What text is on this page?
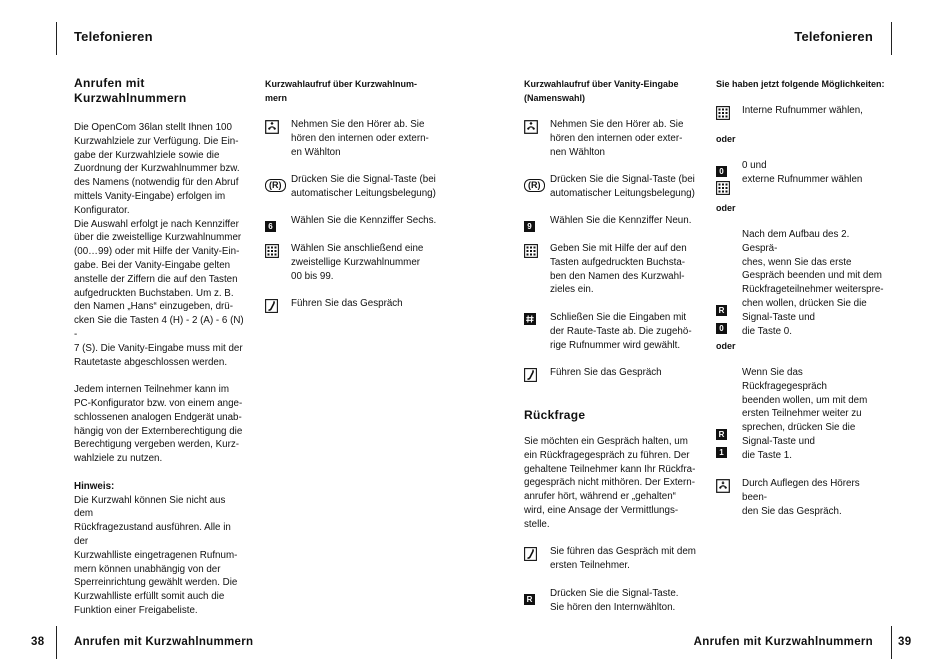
Telefonieren	Telefonieren
Anrufen mit
Kurzwahlnummern

Die OpenCom 36lan stellt Ihnen 100
Kurzwahlziele zur Verfügung. Die Ein-
gabe der Kurzwahlziele sowie die
Zuordnung der Kurzwahlnummer bzw.
des Namens (notwendig für den Abruf
mittels Vanity-Eingabe) erfolgen im
Konfigurator.
Die Auswahl erfolgt je nach Kennziffer
über die zweistellige Kurzwahlnummer
(00…99) oder mit Hilfe der Vanity-Ein-
gabe. Bei der Vanity-Eingabe gelten
anstelle der Ziffern die auf den Tasten
aufgedruckten Buchstaben. Um z. B.
den Namen „Hans“ einzugeben, drü-
cken Sie die Tasten 4 (H) - 2 (A) - 6 (N) -
7 (S). Die Vanity-Eingabe muss mit der
Rautetaste abgeschlossen werden.

Jedem internen Teilnehmer kann im
PC-Konfigurator bzw. von einem ange-
schlossenen analogen Endgerät unab-
hängig von der Externberechtigung die
Berechtigung vergeben werden, Kurz-
wahlziele zu nutzen.

Hinweis:

Die Kurzwahl können Sie nicht aus dem
Rückfragezustand ausführen. Alle in der
Kurzwahlliste eingetragenen Rufnum-
mern können unabhängig von der
Sperreinrichtung gewählt werden. Die
Kurzwahlliste erfüllt somit auch die
Funktion einer Freigabeliste.

Kurzwahlaufruf über Kurzwahlnum-
mern
Nehmen Sie den Hörer ab. Sie
hören den internen oder extern-
en Wählton
(R) Drücken Sie die Signal-Taste (bei
automatischer Leitungsbelegung)
6
Wählen Sie die Kennziffer Sechs.
Wählen Sie anschließend eine
zweistellige Kurzwahlnummer
00 bis 99.
Führen Sie das Gespräch
Kurzwahlaufruf über Vanity-Eingabe
(Namenswahl)
Nehmen Sie den Hörer ab. Sie
hören den internen oder exter-
nen Wählton
(R) Drücken Sie die Signal-Taste (bei
automatischer Leitungsbelegung)
9
Wählen Sie die Kennziffer Neun.
Geben Sie mit Hilfe der auf den
Tasten aufgedruckten Buchsta-
ben den Namen des Kurzwahl-
zieles ein.
Schließen Sie die Eingaben mit
der Raute-Taste ab. Die zugehö-
rige Rufnummer wird gewählt.
Führen Sie das Gespräch
Rückfrage
Sie möchten ein Gespräch halten, um
ein Rückfragegespräch zu führen. Der
gehaltene Teilnehmer kann Ihr Rückfra-
gegespräch nicht mithören. Der Extern-
anrufer hört, während er „gehalten“
wird, eine Ansage der Vermittlungs-
stelle.
Sie führen das Gespräch mit dem
ersten Teilnehmer.
R
Drücken Sie die Signal-Taste.
Sie hören den Internwählton.
Sie haben jetzt folgende Möglichkeiten:
Interne Rufnummer wählen,
oder
0
0 und
externe Rufnummer wählen
oder
R
0
Nach dem Aufbau des 2. Gesprä-
ches, wenn Sie das erste
Gespräch beenden und mit dem
Rückfrageteilnehmer weiterspre-
chen wollen, drücken Sie die
Signal-Taste und
die Taste 0.
oder
R
1
Wenn Sie das Rückfragegespräch
beenden wollen, um mit dem
ersten Teilnehmer weiter zu
sprechen, drücken Sie die
Signal-Taste und
die Taste 1.
Durch Auflegen des Hörers been-
den Sie das Gespräch.
38	Anrufen mit Kurzwahlnummern	Anrufen mit Kurzwahlnummern 39
